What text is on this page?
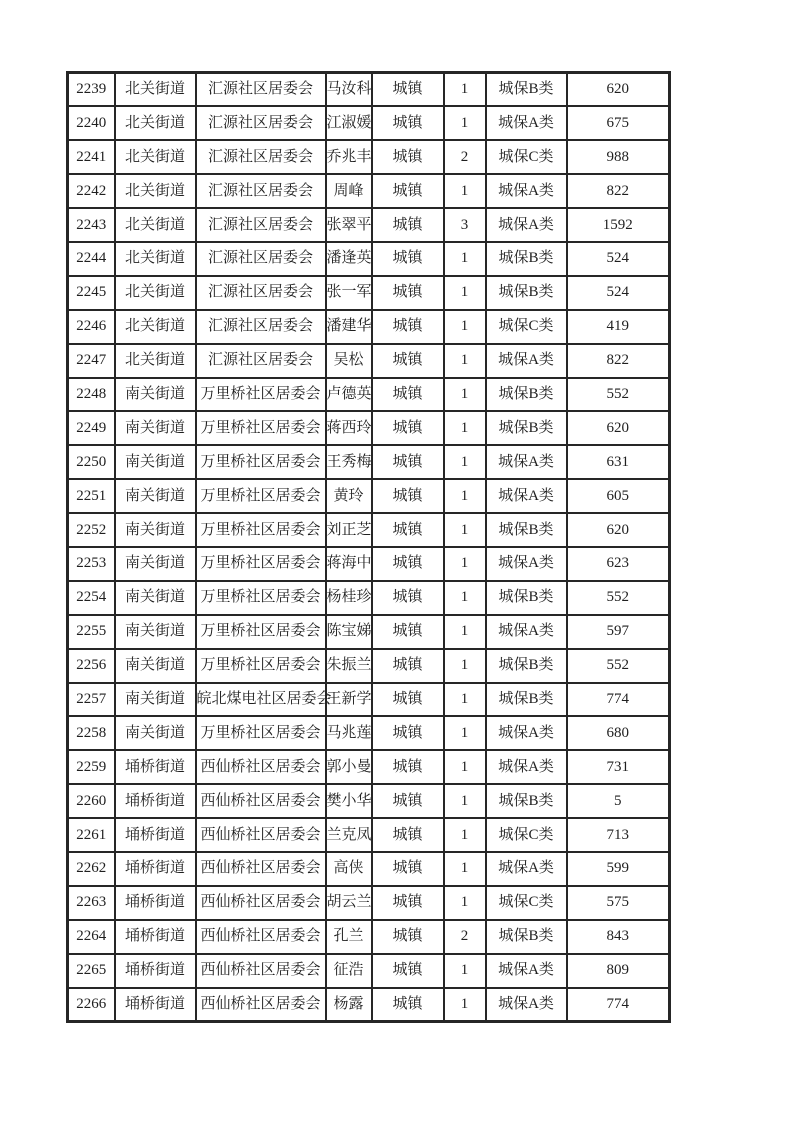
2239	北关街道	汇源社区居委会	马汝科	城镇	1	城保B类	620
2240	北关街道	汇源社区居委会	江淑媛	城镇	1	城保A类	675
2241	北关街道	汇源社区居委会	乔兆丰	城镇	2	城保C类	988
2242	北关街道	汇源社区居委会	周峰	城镇	1	城保A类	822
2243	北关街道	汇源社区居委会	张翠平	城镇	3	城保A类	1592
2244	北关街道	汇源社区居委会	潘逢英	城镇	1	城保B类	524
2245	北关街道	汇源社区居委会	张一军	城镇	1	城保B类	524
2246	北关街道	汇源社区居委会	潘建华	城镇	1	城保C类	419
2247	北关街道	汇源社区居委会	吴松	城镇	1	城保A类	822
2248	南关街道	万里桥社区居委会	卢德英	城镇	1	城保B类	552
2249	南关街道	万里桥社区居委会	蒋西玲	城镇	1	城保B类	620
2250	南关街道	万里桥社区居委会	王秀梅	城镇	1	城保A类	631
2251	南关街道	万里桥社区居委会	黄玲	城镇	1	城保A类	605
2252	南关街道	万里桥社区居委会	刘正芝	城镇	1	城保B类	620
2253	南关街道	万里桥社区居委会	蒋海中	城镇	1	城保A类	623
2254	南关街道	万里桥社区居委会	杨桂珍	城镇	1	城保B类	552
2255	南关街道	万里桥社区居委会	陈宝娣	城镇	1	城保A类	597
2256	南关街道	万里桥社区居委会	朱振兰	城镇	1	城保B类	552
2257	南关街道	皖北煤电社区居委会	王新学	城镇	1	城保B类	774
2258	南关街道	万里桥社区居委会	马兆莲	城镇	1	城保A类	680
2259	埇桥街道	西仙桥社区居委会	郭小曼	城镇	1	城保A类	731
2260	埇桥街道	西仙桥社区居委会	樊小华	城镇	1	城保B类	5
2261	埇桥街道	西仙桥社区居委会	兰克凤	城镇	1	城保C类	713
2262	埇桥街道	西仙桥社区居委会	高侠	城镇	1	城保A类	599
2263	埇桥街道	西仙桥社区居委会	胡云兰	城镇	1	城保C类	575
2264	埇桥街道	西仙桥社区居委会	孔兰	城镇	2	城保B类	843
2265	埇桥街道	西仙桥社区居委会	征浩	城镇	1	城保A类	809
2266	埇桥街道	西仙桥社区居委会	杨露	城镇	1	城保A类	774
